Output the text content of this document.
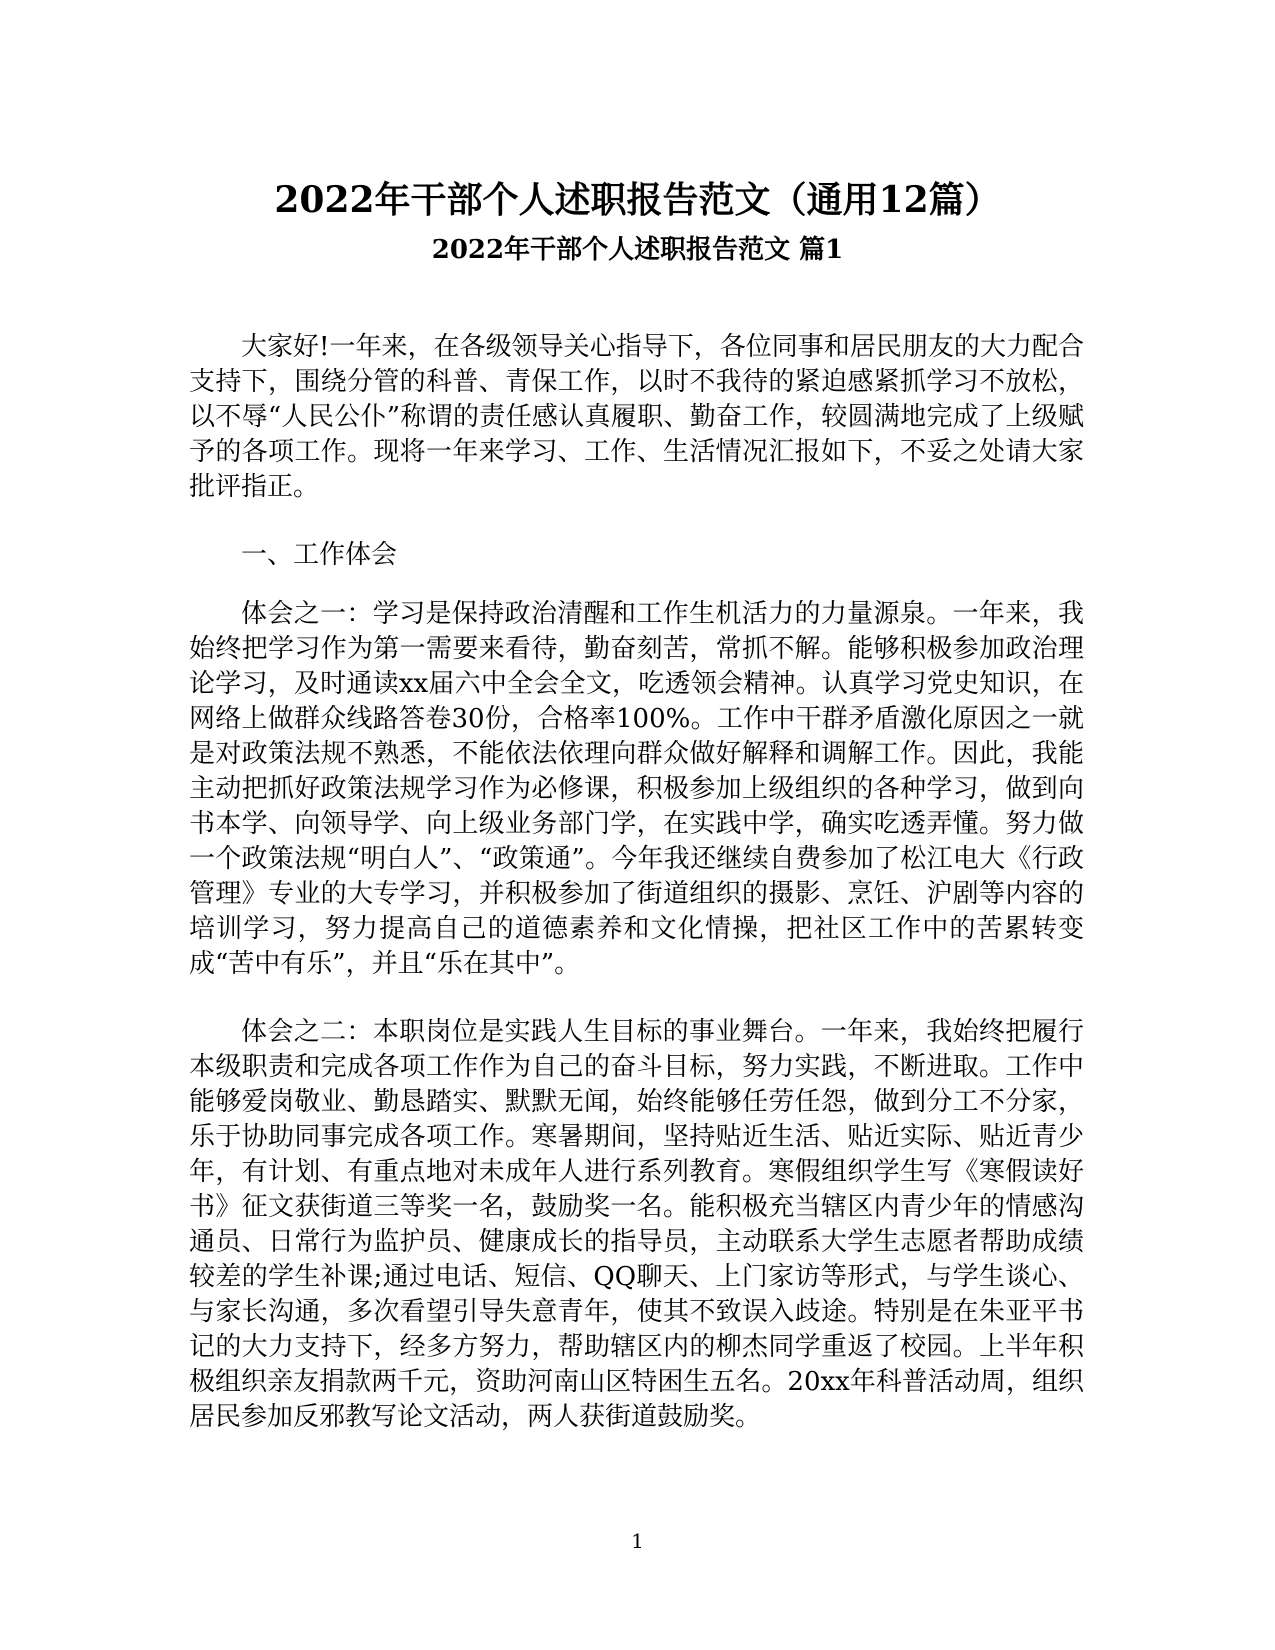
2022年干部个人述职报告范文（通用12篇）
2022年干部个人述职报告范文 篇1

大家好!一年来，在各级领导关心指导下，各位同事和居民朋友的大力配合支持下，围绕分管的科普、青保工作，以时不我待的紧迫感紧抓学习不放松，以不辱“人民公仆”称谓的责任感认真履职、勤奋工作，较圆满地完成了上级赋予的各项工作。现将一年来学习、工作、生活情况汇报如下，不妥之处请大家批评指正。

一、工作体会

体会之一：学习是保持政治清醒和工作生机活力的力量源泉。一年来，我始终把学习作为第一需要来看待，勤奋刻苦，常抓不解。能够积极参加政治理论学习，及时通读xx届六中全会全文，吃透领会精神。认真学习党史知识，在网络上做群众线路答卷30份，合格率100%。工作中干群矛盾激化原因之一就是对政策法规不熟悉，不能依法依理向群众做好解释和调解工作。因此，我能主动把抓好政策法规学习作为必修课，积极参加上级组织的各种学习，做到向书本学、向领导学、向上级业务部门学，在实践中学，确实吃透弄懂。努力做一个政策法规“明白人”、“政策通”。今年我还继续自费参加了松江电大《行政管理》专业的大专学习，并积极参加了街道组织的摄影、烹饪、沪剧等内容的培训学习，努力提高自己的道德素养和文化情操，把社区工作中的苦累转变成“苦中有乐”，并且“乐在其中”。

体会之二：本职岗位是实践人生目标的事业舞台。一年来，我始终把履行本级职责和完成各项工作作为自己的奋斗目标，努力实践，不断进取。工作中能够爱岗敬业、勤恳踏实、默默无闻，始终能够任劳任怨，做到分工不分家，乐于协助同事完成各项工作。寒暑期间，坚持贴近生活、贴近实际、贴近青少年，有计划、有重点地对未成年人进行系列教育。寒假组织学生写《寒假读好书》征文获街道三等奖一名，鼓励奖一名。能积极充当辖区内青少年的情感沟通员、日常行为监护员、健康成长的指导员，主动联系大学生志愿者帮助成绩较差的学生补课;通过电话、短信、QQ聊天、上门家访等形式，与学生谈心、与家长沟通，多次看望引导失意青年，使其不致误入歧途。特别是在朱亚平书记的大力支持下，经多方努力，帮助辖区内的柳杰同学重返了校园。上半年积极组织亲友捐款两千元，资助河南山区特困生五名。20xx年科普活动周，组织居民参加反邪教写论文活动，两人获街道鼓励奖。

1
